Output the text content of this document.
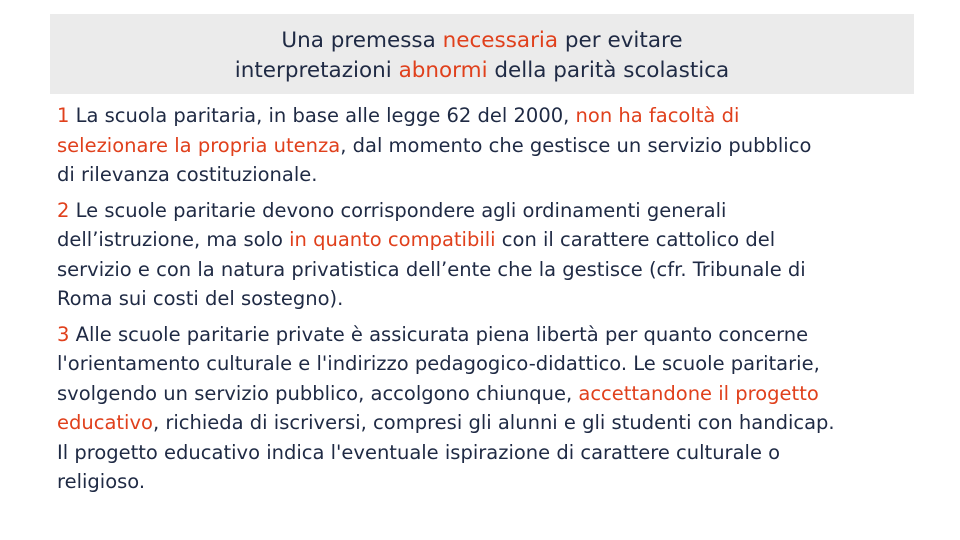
Una premessa necessaria per evitare
interpretazioni abnormi della parità scolastica

1 La scuola paritaria, in base alle legge 62 del 2000, non ha facoltà di
selezionare la propria utenza, dal momento che gestisce un servizio pubblico
di rilevanza costituzionale.

2 Le scuole paritarie devono corrispondere agli ordinamenti generali
dell’istruzione, ma solo in quanto compatibili con il carattere cattolico del
servizio e con la natura privatistica dell’ente che la gestisce (cfr. Tribunale di
Roma sui costi del sostegno).

3 Alle scuole paritarie private è assicurata piena libertà per quanto concerne
l'orientamento culturale e l'indirizzo pedagogico-didattico. Le scuole paritarie,
svolgendo un servizio pubblico, accolgono chiunque, accettandone il progetto
educativo, richieda di iscriversi, compresi gli alunni e gli studenti con handicap.
Il progetto educativo indica l'eventuale ispirazione di carattere culturale o
religioso.
